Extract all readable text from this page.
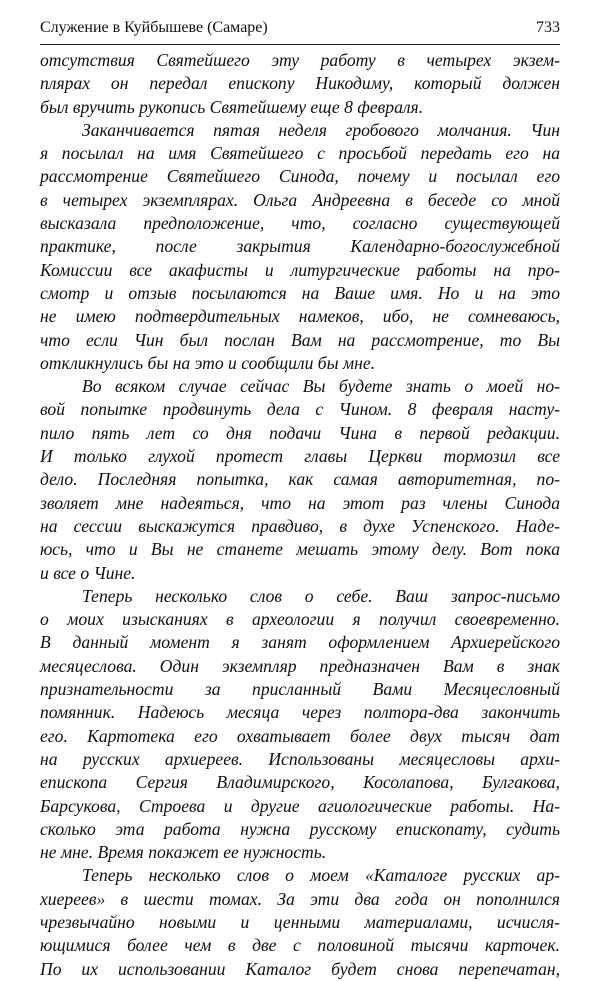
Служение в Куйбышеве (Самаре)	733
отсутствия Святейшего эту работу в четырех экзем-
плярах он передал епископу Никодиму, который должен
был вручить рукопись Святейшему еще 8 февраля.
Заканчивается пятая неделя гробового молчания. Чин
я посылал на имя Святейшего с просьбой передать его на
рассмотрение Святейшего Синода, почему и посылал его
в четырех экземплярах. Ольга Андреевна в беседе со мной
высказала предположение, что, согласно существующей
практике, после закрытия Календарно-богослужебной
Комиссии все акафисты и литургические работы на про-
смотр и отзыв посылаются на Ваше имя. Но и на это
не имею подтвердительных намеков, ибо, не сомневаюсь,
что если Чин был послан Вам на рассмотрение, то Вы
откликнулись бы на это и сообщили бы мне.
Во всяком случае сейчас Вы будете знать о моей но-
вой попытке продвинуть дела с Чином. 8 февраля насту-
пило пять лет со дня подачи Чина в первой редакции.
И только глухой протест главы Церкви тормозил все
дело. Последняя попытка, как самая авторитетная, по-
зволяет мне надеяться, что на этот раз члены Синода
на сессии выскажутся правдиво, в духе Успенского. Наде-
юсь, что и Вы не станете мешать этому делу. Вот пока
и все о Чине.
Теперь несколько слов о себе. Ваш запрос-письмо
о моих изысканиях в археологии я получил своевременно.
В данный момент я занят оформлением Архиерейского
месяцеслова. Один экземпляр предназначен Вам в знак
признательности за присланный Вами Месяцесловный
помянник. Надеюсь месяца через полтора-два закончить
его. Картотека его охватывает более двух тысяч дат
на русских архиереев. Использованы месяцесловы архи-
епископа Сергия Владимирского, Косолапова, Булгакова,
Барсукова, Строева и другие агиологические работы. На-
сколько эта работа нужна русскому епископату, судить
не мне. Время покажет ее нужность.
Теперь несколько слов о моем «Каталоге русских ар-
хиереев» в шести томах. За эти два года он пополнился
чрезвычайно новыми и ценными материалами, исчисля-
ющимися более чем в две с половиной тысячи карточек.
По их использовании Каталог будет снова перепечатан,
